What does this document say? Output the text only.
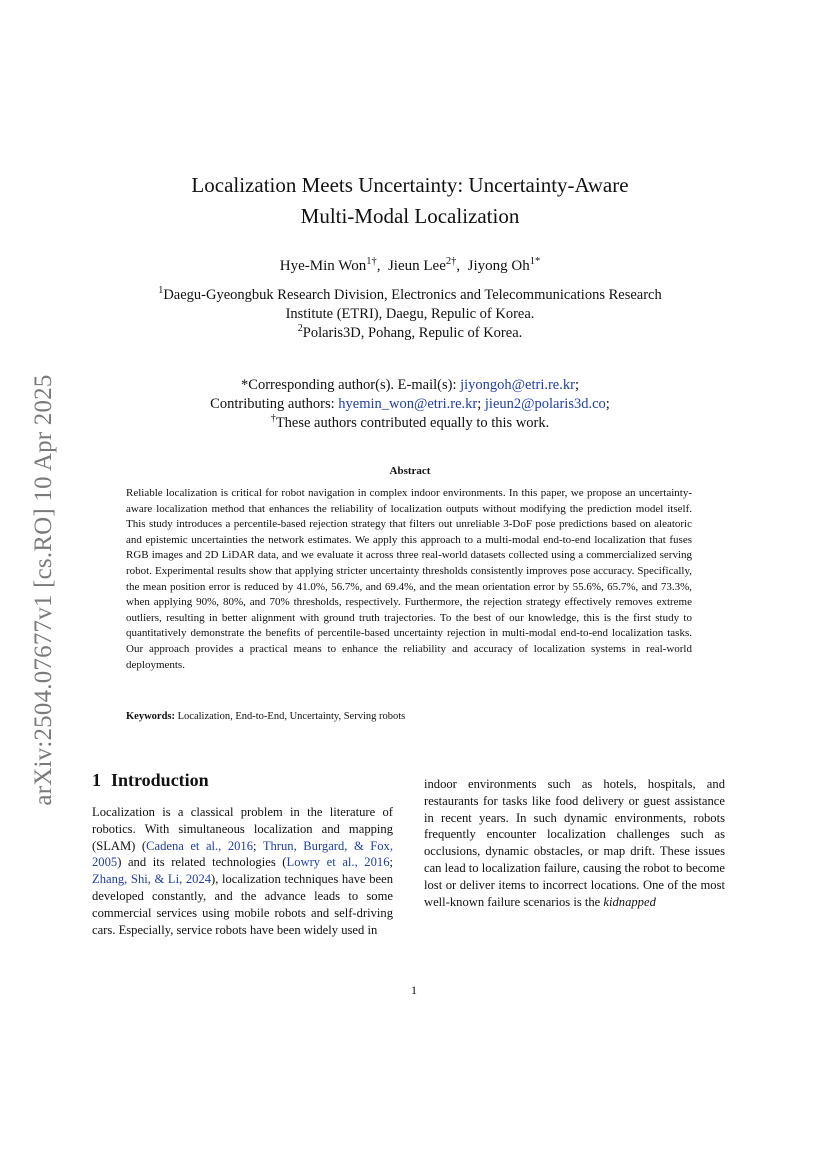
arXiv:2504.07677v1 [cs.RO] 10 Apr 2025
Localization Meets Uncertainty: Uncertainty-Aware
Multi-Modal Localization
Hye-Min Won$^{1\dagger}$,  Jieun Lee$^{2\dagger}$,  Jiyong $Oh^{1*}$
$^1$Daegu-Gyeongbuk Research Division, Electronics and Telecommunications Research
Institute (ETRI), Daegu, Repulic of Korea.
$^2$Polaris3D, Pohang, Repulic of Korea.
*Corresponding author(s). E-mail(s): jiyongoh@etri.re.kr;
Contributing authors: hyemin_won@etri.re.kr; jieun2@polaris3d.co;
†These authors contributed equally to this work.
Abstract
Reliable localization is critical for robot navigation in complex indoor environments. In this paper, we propose an uncertainty-aware localization method that enhances the reliability of localization outputs without modifying the prediction model itself. This study introduces a percentile-based rejection strategy that filters out unreliable 3-DoF pose predictions based on aleatoric and epistemic uncertainties the network estimates. We apply this approach to a multi-modal end-to-end localization that fuses RGB images and 2D LiDAR data, and we evaluate it across three real-world datasets collected using a commercialized serving robot. Experimental results show that applying stricter uncertainty thresholds consistently improves pose accuracy. Specifically, the mean position error is reduced by 41.0%, 56.7%, and 69.4%, and the mean orientation error by 55.6%, 65.7%, and 73.3%, when applying 90%, 80%, and 70% thresholds, respectively. Furthermore, the rejection strategy effectively removes extreme outliers, resulting in better alignment with ground truth trajectories. To the best of our knowledge, this is the first study to quantitatively demonstrate the benefits of percentile-based uncertainty rejection in multi-modal end-to-end localization tasks. Our approach provides a practical means to enhance the reliability and accuracy of localization systems in real-world deployments.
Keywords: Localization, End-to-End, Uncertainty, Serving robots
1 Introduction
Localization is a classical problem in the literature of robotics. With simultaneous localization and mapping (SLAM) (Cadena et al., 2016; Thrun, Burgard, & Fox, 2005) and its related technologies (Lowry et al., 2016; Zhang, Shi, & Li, 2024), localization techniques have been developed constantly, and the advance leads to some commercial services using mobile robots and self-driving cars. Especially, service robots have been widely used in
indoor environments such as hotels, hospitals, and restaurants for tasks like food delivery or guest assistance in recent years. In such dynamic environments, robots frequently encounter localization challenges such as occlusions, dynamic obstacles, or map drift. These issues can lead to localization failure, causing the robot to become lost or deliver items to incorrect locations. One of the most well-known failure scenarios is the kidnapped
1
